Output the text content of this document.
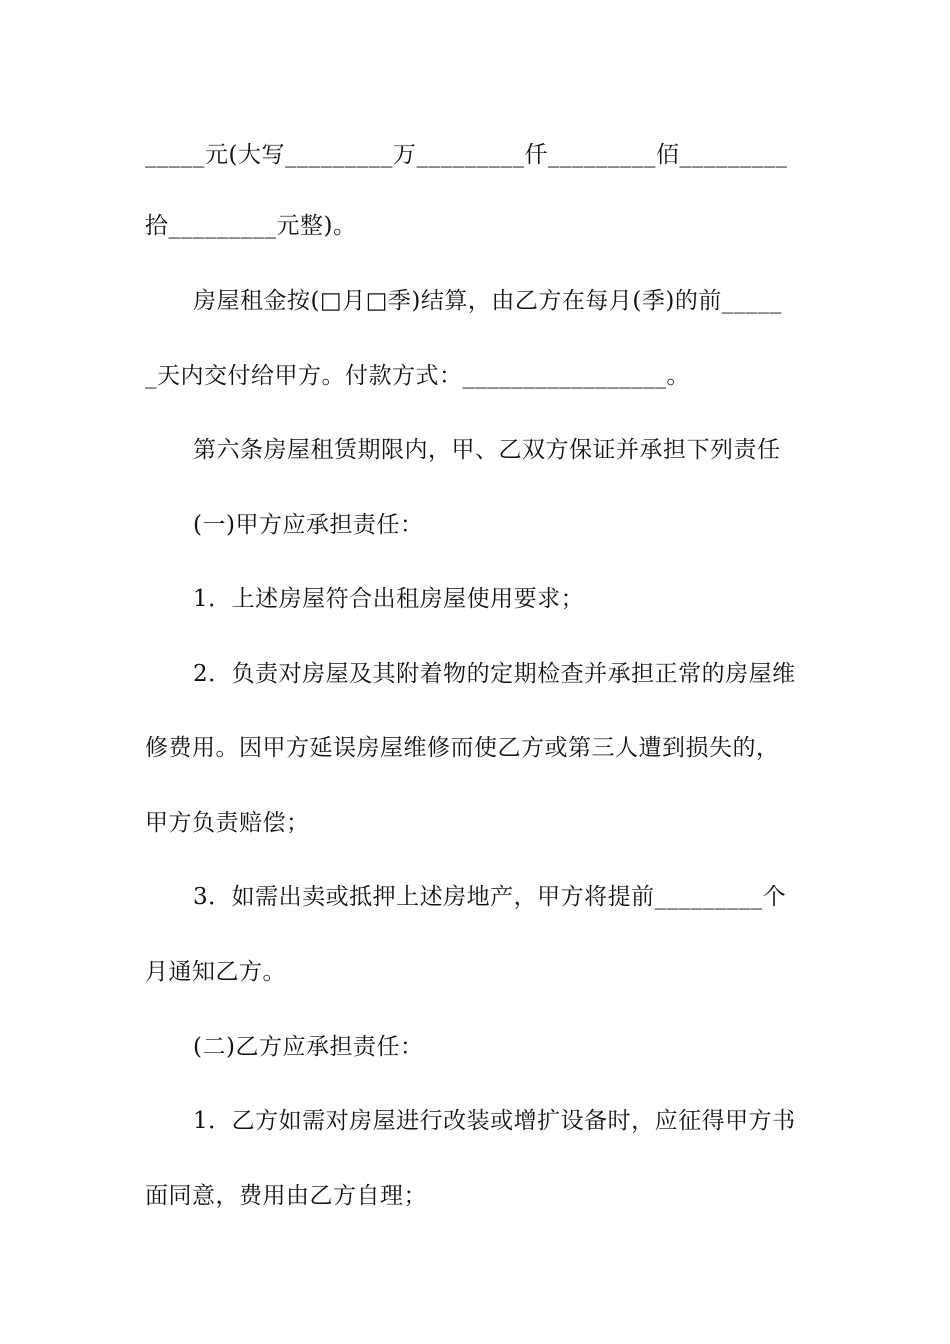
_____元(大写_________万_________仟_________佰_________
拾_________元整)。
房屋租金按(□月□季)结算，由乙方在每月(季)的前_____
_天内交付给甲方。付款方式：_________________。
第六条房屋租赁期限内，甲、乙双方保证并承担下列责任
(一)甲方应承担责任：
1．上述房屋符合出租房屋使用要求；
2．负责对房屋及其附着物的定期检查并承担正常的房屋维
修费用。因甲方延误房屋维修而使乙方或第三人遭到损失的，
甲方负责赔偿；
3．如需出卖或抵押上述房地产，甲方将提前_________个
月通知乙方。
(二)乙方应承担责任：
1．乙方如需对房屋进行改装或增扩设备时，应征得甲方书
面同意，费用由乙方自理；
